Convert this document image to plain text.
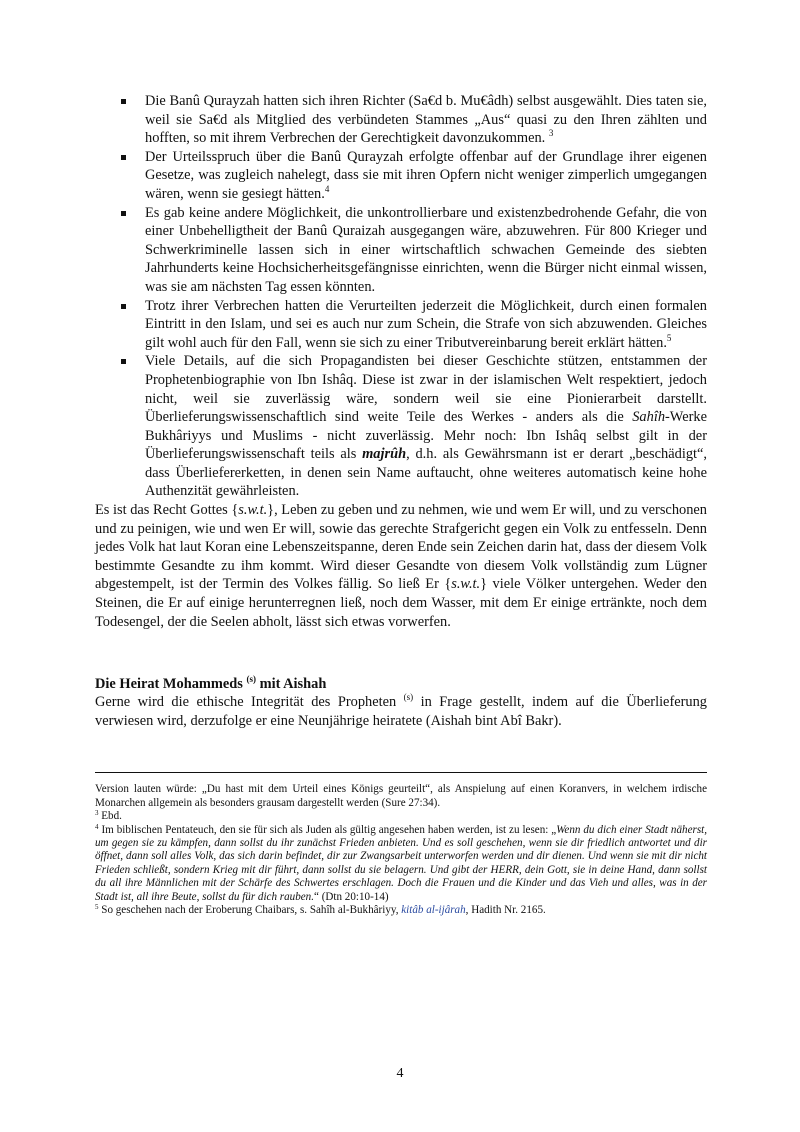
Die Banû Qurayzah hatten sich ihren Richter (Sa€d b. Mu€âdh) selbst ausgewählt. Dies taten sie, weil sie Sa€d als Mitglied des verbündeten Stammes „Aus“ quasi zu den Ihren zählten und hofften, so mit ihrem Verbrechen der Gerechtigkeit davonzukommen. $^3$
Der Urteilsspruch über die Banû Qurayzah erfolgte offenbar auf der Grundlage ihrer eigenen Gesetze, was zugleich nahelegt, dass sie mit ihren Opfern nicht weniger zimperlich umgegangen wären, wenn sie gesiegt hätten.$^4$
Es gab keine andere Möglichkeit, die unkontrollierbare und existenzbedrohende Gefahr, die von einer Unbehelligtheit der Banû Quraizah ausgegangen wäre, abzuwehren. Für 800 Krieger und Schwerkriminelle lassen sich in einer wirtschaftlich schwachen Gemeinde des siebten Jahrhunderts keine Hochsicherheitsgefängnisse einrichten, wenn die Bürger nicht einmal wissen, was sie am nächsten Tag essen könnten.
Trotz ihrer Verbrechen hatten die Verurteilten jederzeit die Möglichkeit, durch einen formalen Eintritt in den Islam, und sei es auch nur zum Schein, die Strafe von sich abzuwenden. Gleiches gilt wohl auch für den Fall, wenn sie sich zu einer Tributvereinbarung bereit erklärt hätten.$^5$
Viele Details, auf die sich Propagandisten bei dieser Geschichte stützen, entstammen der Prophetenbiographie von Ibn Ishâq. Diese ist zwar in der islamischen Welt respektiert, jedoch nicht, weil sie zuverlässig wäre, sondern weil sie eine Pionierarbeit darstellt. Überlieferungswissenschaftlich sind weite Teile des Werkes - anders als die Sahîh-Werke Bukhâriyys und Muslims - nicht zuverlässig. Mehr noch: Ibn Ishâq selbst gilt in der Überlieferungswissenschaft teils als majrûh, d.h. als Gewährsmann ist er derart „beschädigt“, dass Überliefererketten, in denen sein Name auftaucht, ohne weiteres automatisch keine hohe Authenzität gewährleisten.

Es ist das Recht Gottes {s.w.t.}, Leben zu geben und zu nehmen, wie und wem Er will, und zu verschonen und zu peinigen, wie und wen Er will, sowie das gerechte Strafgericht gegen ein Volk zu entfesseln. Denn jedes Volk hat laut Koran eine Lebenszeitspanne, deren Ende sein Zeichen darin hat, dass der diesem Volk bestimmte Gesandte zu ihm kommt. Wird dieser Gesandte von diesem Volk vollständig zum Lügner abgestempelt, ist der Termin des Volkes fällig. So ließ Er {s.w.t.} viele Völker untergehen. Weder den Steinen, die Er auf einige herunterregnen ließ, noch dem Wasser, mit dem Er einige ertränkte, noch dem Todesengel, der die Seelen abholt, lässt sich etwas vorwerfen.

Die Heirat Mohammeds $^{(s)}$ mit Aishah

Gerne wird die ethische Integrität des Propheten $^{(s)}$ in Frage gestellt, indem auf die Überlieferung verwiesen wird, derzufolge er eine Neunjährige heiratete (Aishah bint Abî Bakr).

Version lauten würde: „Du hast mit dem Urteil eines Königs geurteilt“, als Anspielung auf einen Koranvers, in welchem irdische Monarchen allgemein als besonders grausam dargestellt werden (Sure 27:34).
$^3$ Ebd.
$^4$ Im biblischen Pentateuch, den sie für sich als Juden als gültig angesehen haben werden, ist zu lesen: „Wenn du dich einer Stadt näherst, um gegen sie zu kämpfen, dann sollst du ihr zunächst Frieden anbieten. Und es soll geschehen, wenn sie dir friedlich antwortet und dir öffnet, dann soll alles Volk, das sich darin befindet, dir zur Zwangsarbeit unterworfen werden und dir dienen. Und wenn sie mit dir nicht Frieden schließt, sondern Krieg mit dir führt, dann sollst du sie belagern. Und gibt der HERR, dein Gott, sie in deine Hand, dann sollst du all ihre Männlichen mit der Schärfe des Schwertes erschlagen. Doch die Frauen und die Kinder und das Vieh und alles, was in der Stadt ist, all ihre Beute, sollst du für dich rauben.“ (Dtn 20:10-14)
$^5$ So geschehen nach der Eroberung Chaibars, s. Sahîh al-Bukhâriyy, kitâb al-ijârah, Hadith Nr. 2165.
4
